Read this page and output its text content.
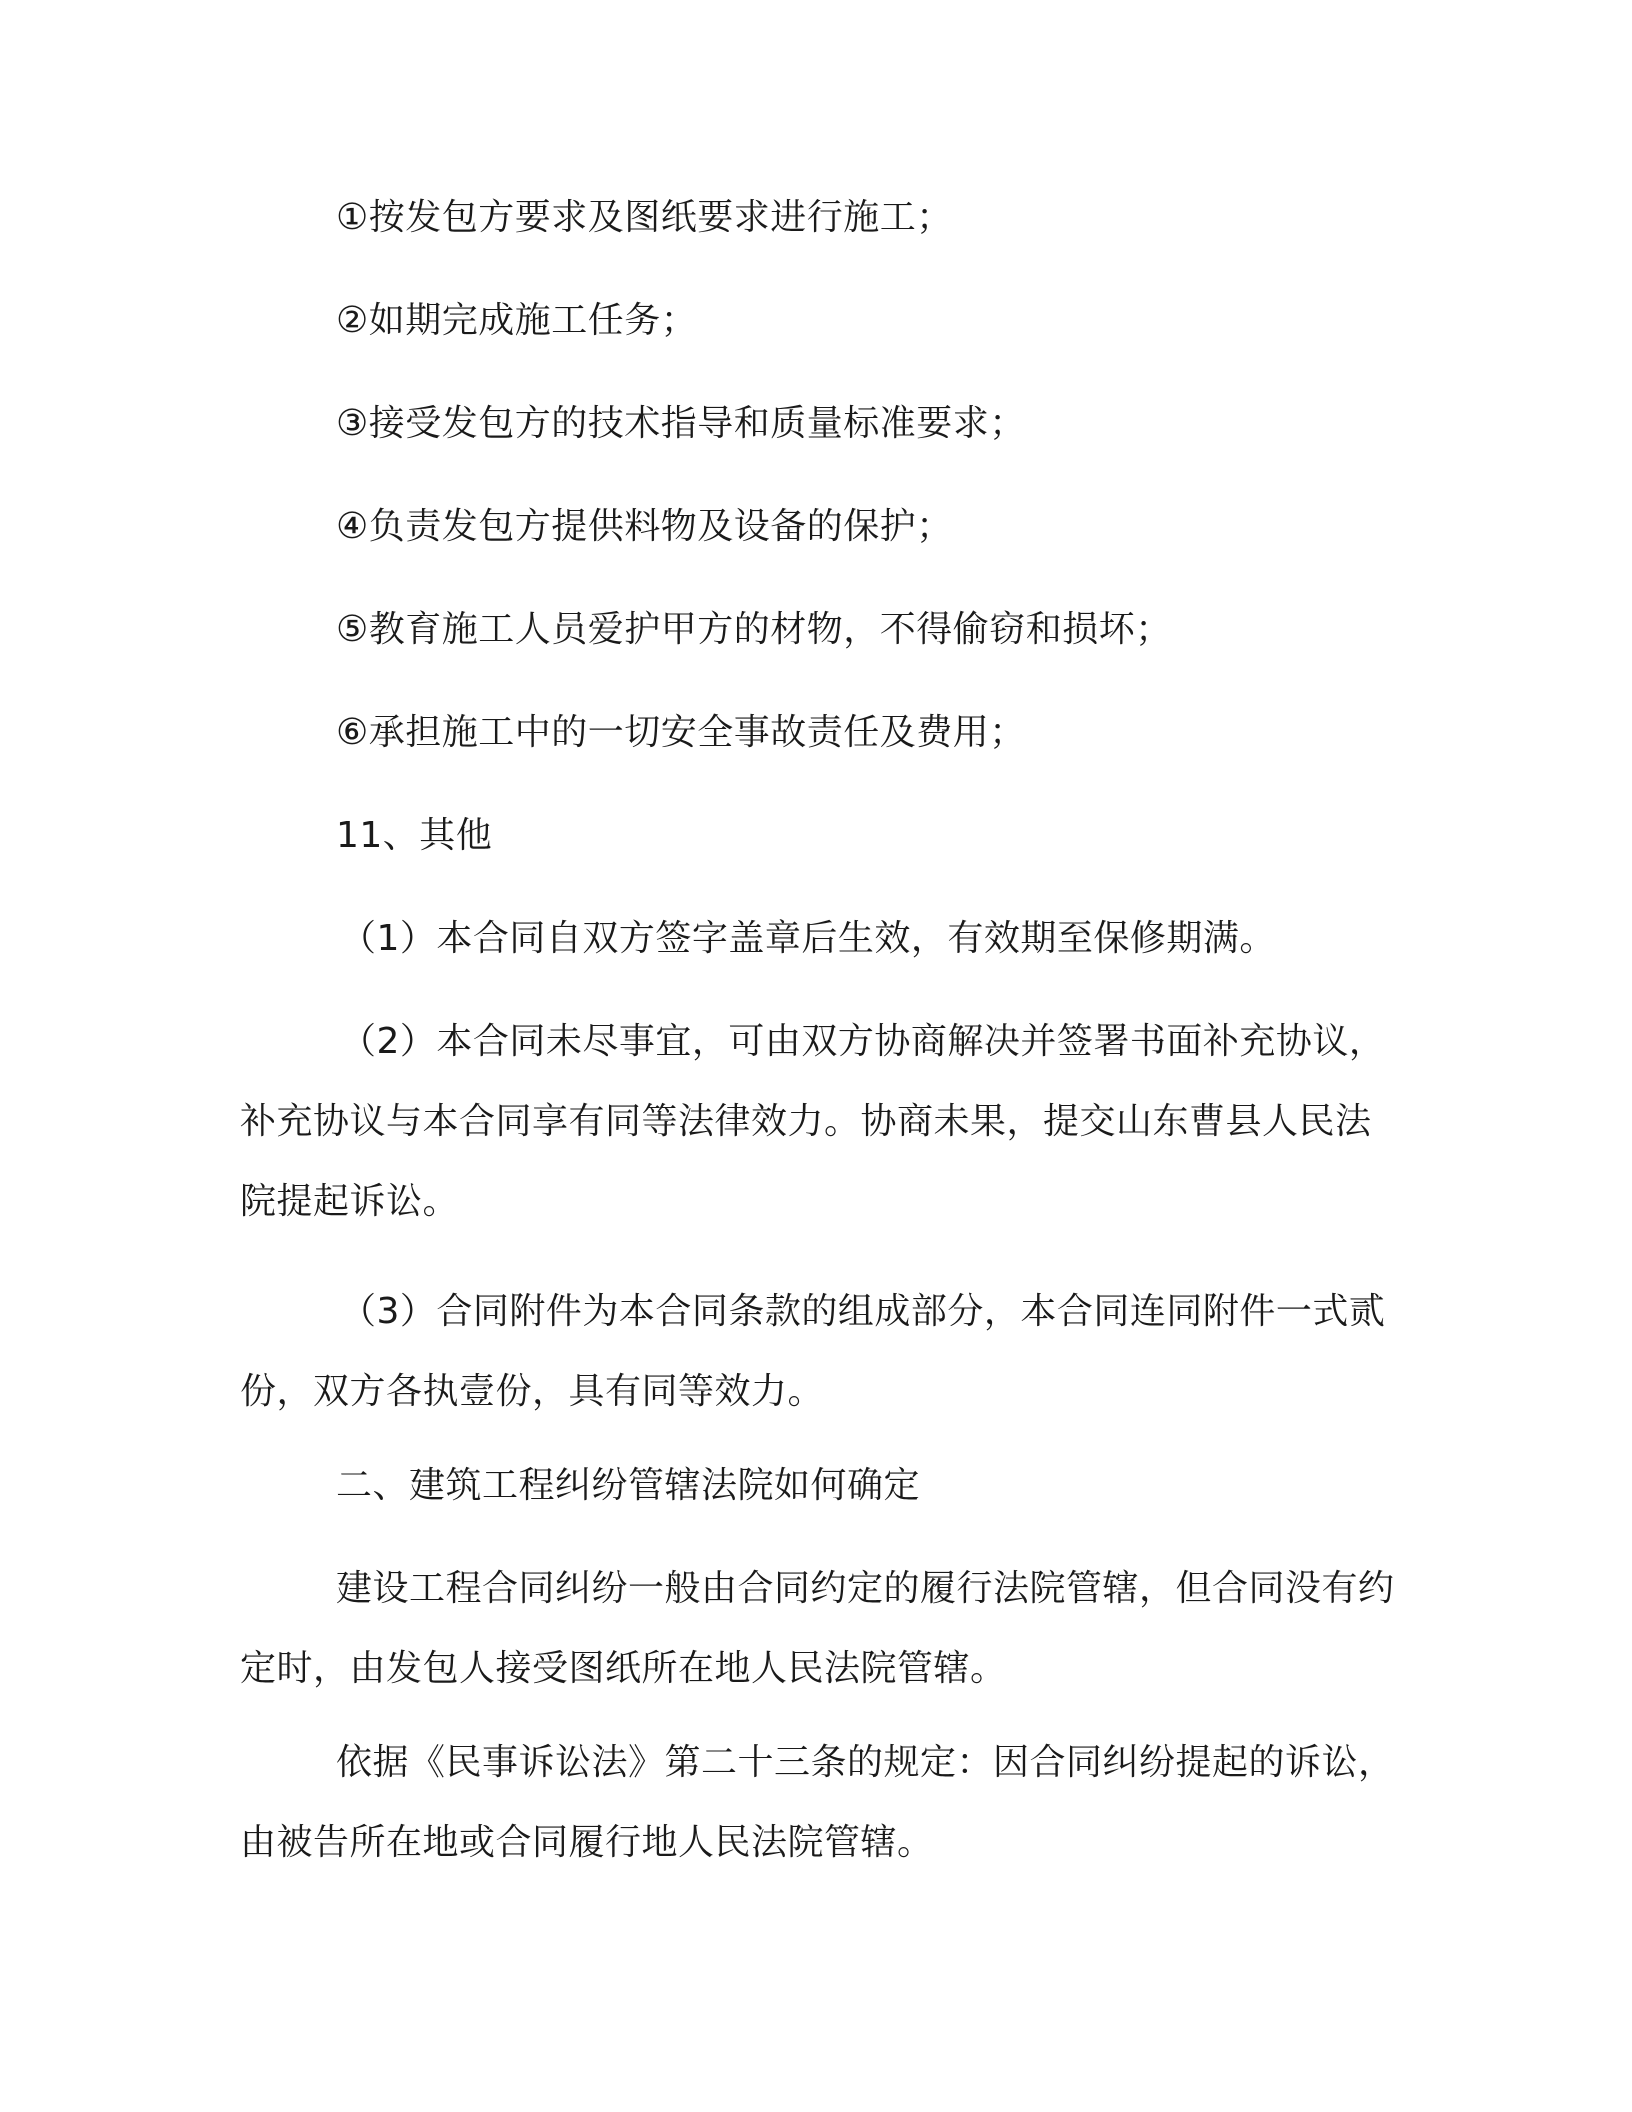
①按发包方要求及图纸要求进行施工；

②如期完成施工任务；

③接受发包方的技术指导和质量标准要求；

④负责发包方提供料物及设备的保护；

⑤教育施工人员爱护甲方的材物，不得偷窃和损坏；

⑥承担施工中的一切安全事故责任及费用；

11、其他

（1）本合同自双方签字盖章后生效，有效期至保修期满。

（2）本合同未尽事宜，可由双方协商解决并签署书面补充协议，补充协议与本合同享有同等法律效力。协商未果，提交山东曹县人民法院提起诉讼。

（3）合同附件为本合同条款的组成部分，本合同连同附件一式贰份，双方各执壹份，具有同等效力。

二、建筑工程纠纷管辖法院如何确定

建设工程合同纠纷一般由合同约定的履行法院管辖，但合同没有约定时，由发包人接受图纸所在地人民法院管辖。

依据《民事诉讼法》第二十三条的规定：因合同纠纷提起的诉讼，由被告所在地或合同履行地人民法院管辖。
